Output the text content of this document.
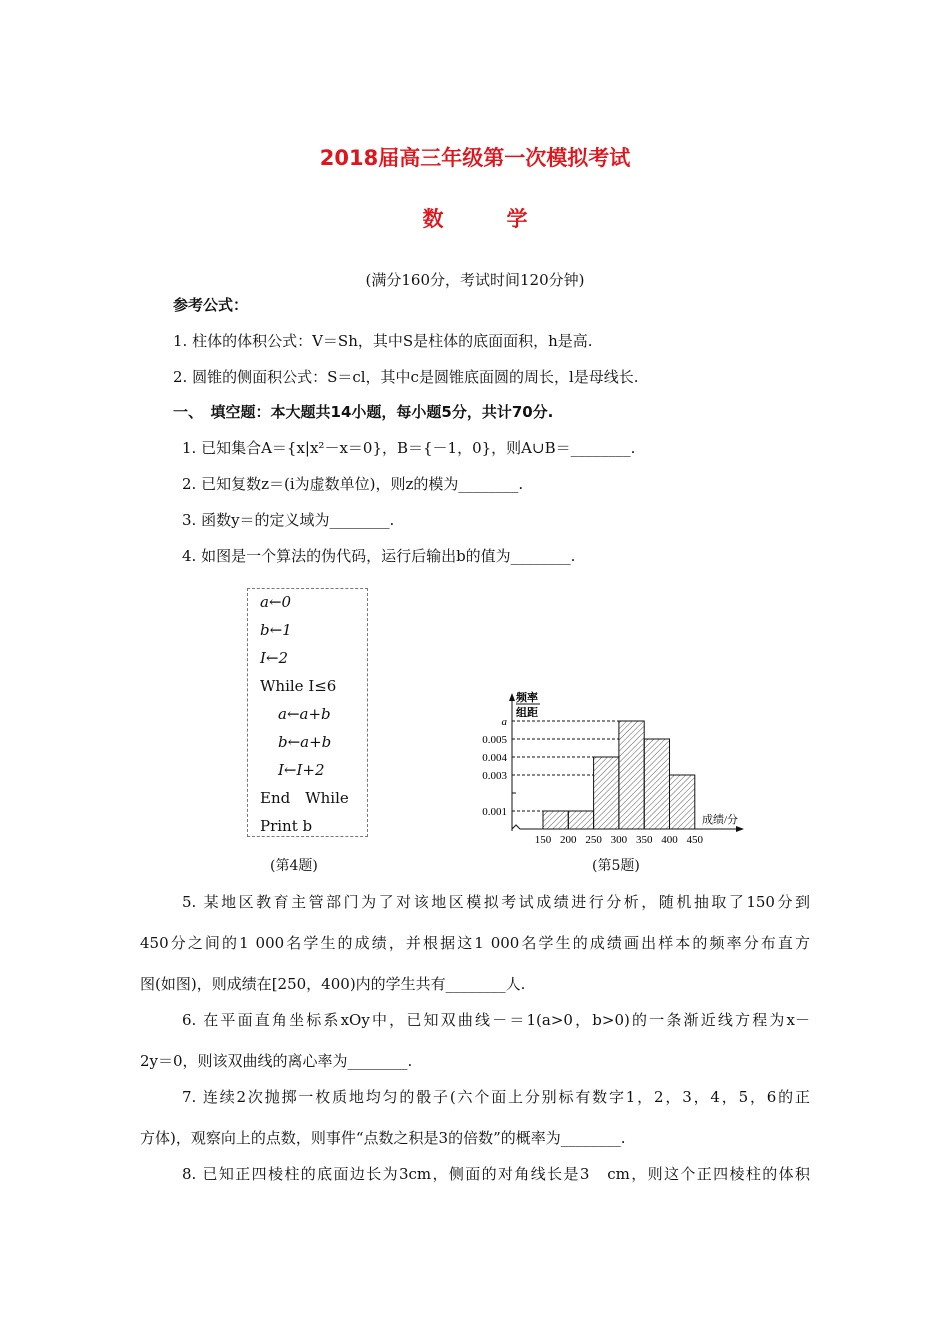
2018届高三年级第一次模拟考试
数　　　学
(满分160分，考试时间120分钟)
参考公式：
1. 柱体的体积公式：V＝Sh，其中S是柱体的底面面积，h是高.
2. 圆锥的侧面积公式：S＝cl，其中c是圆锥底面圆的周长，l是母线长.
一、　填空题：本大题共14小题，每小题5分，共计70分.
1. 已知集合A＝{x|x²－x＝0}，B＝{－1，0}，则A∪B＝________.
2. 已知复数z＝(i为虚数单位)，则z的模为________.
3. 函数y＝的定义域为________.
4. 如图是一个算法的伪代码，运行后输出b的值为________.
a←0
b←1
I←2
While I≤6
a←a+b
b←a+b
I←I+2
End　While
Print b
(第4题)
频率
组距
成绩/分
0.001
0.003
0.004
0.005
a
150 200 250 300 350 400 450
(第5题)
5. 某地区教育主管部门为了对该地区模拟考试成绩进行分析，随机抽取了150分到
450分之间的1 000名学生的成绩，并根据这1 000名学生的成绩画出样本的频率分布直方
图(如图)，则成绩在[250，400)内的学生共有________人.
6. 在平面直角坐标系xOy中，已知双曲线－＝1(a>0，b>0)的一条渐近线方程为x－
2y＝0，则该双曲线的离心率为________.
7. 连续2次抛掷一枚质地均匀的骰子(六个面上分别标有数字1，2，3，4，5，6的正
方体)，观察向上的点数，则事件“点数之积是3的倍数”的概率为________.
8. 已知正四棱柱的底面边长为3cm，侧面的对角线长是3　cm，则这个正四棱柱的体积
